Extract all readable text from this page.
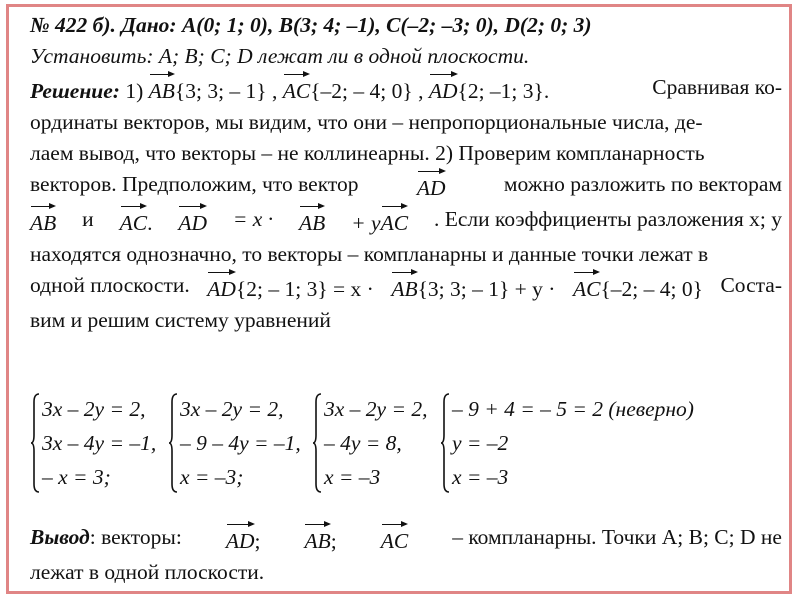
№ 422 б). Дано: A(0; 1; 0), B(3; 4; –1), C(–2; –3; 0), D(2; 0; 3)
Установить: A; B; C; D лежат ли в одной плоскости.
Решение: 1) AB{3; 3; – 1} , AC{–2; – 4; 0} , AD{2; –1; 3}.	Сравнивая ко-
ординаты векторов, мы видим, что они – непропорциональные числа, де-
лаем вывод, что векторы – не коллинеарны. 2) Проверим компланарность
векторов. Предположим, что вектор	AD	можно разложить по векторам
AB и AC. AD = x · AB + yAC . Если коэффициенты разложения x; y
находятся однозначно, то векторы – компланарны и данные точки лежат в
одной плоскости. AD{2; – 1; 3} = x · AB{3; 3; – 1} + y · AC{–2; – 4; 0} Соста-
вим и решим систему уравнений
3x – 2y = 2,
3x – 4y = –1,
– x = 3;
3x – 2y = 2,
– 9 – 4y = –1,
x = –3;
3x – 2y = 2,
– 4y = 8,
x = –3
– 9 + 4 = – 5 = 2 (неверно)
y = –2
x = –3
Вывод: векторы: AD; AB; AC – компланарны. Точки A; B; C; D не
лежат в одной плоскости.
